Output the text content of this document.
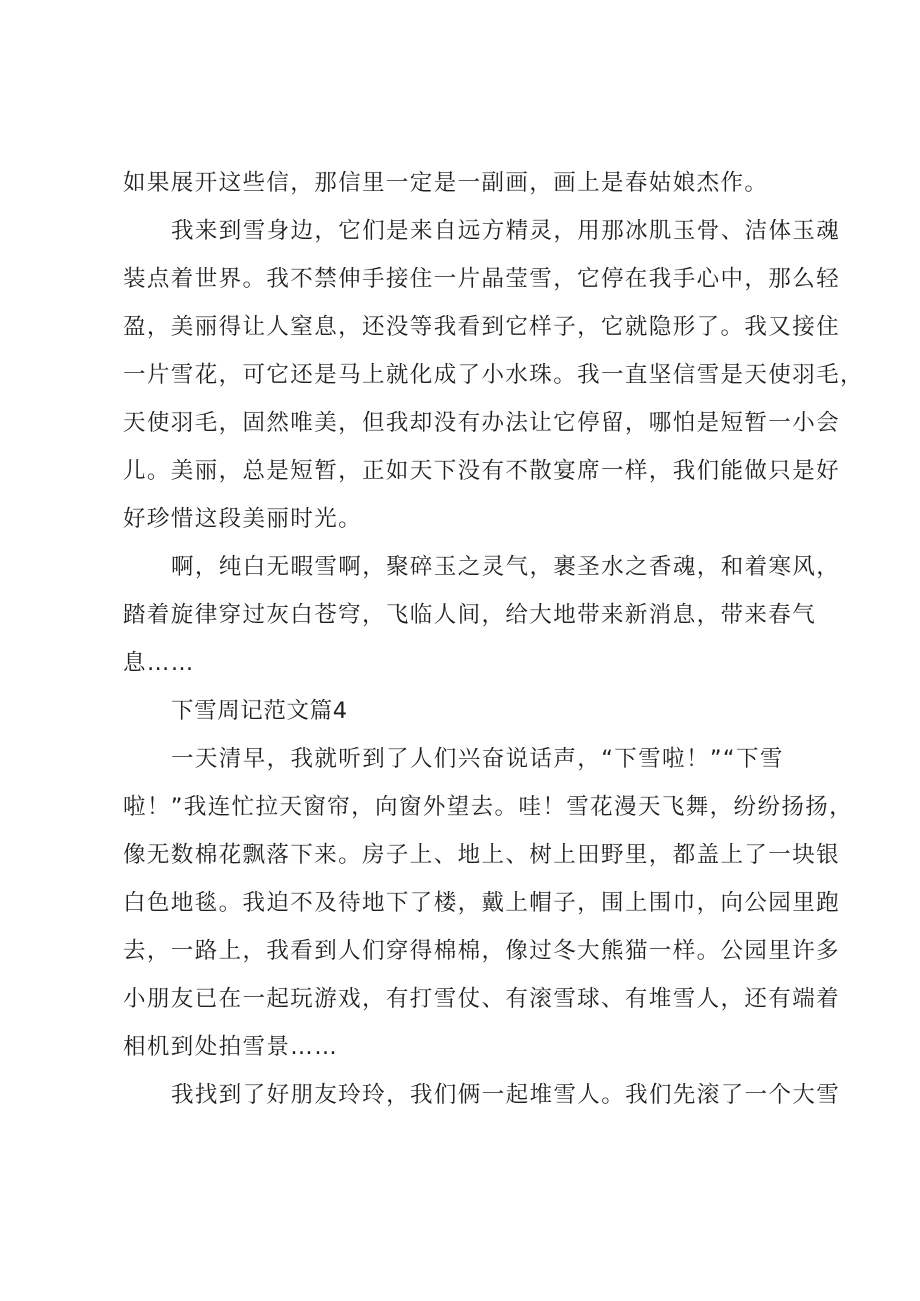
如果展开这些信，那信里一定是一副画，画上是春姑娘杰作。
我来到雪身边，它们是来自远方精灵，用那冰肌玉骨、洁体玉魂
装点着世界。我不禁伸手接住一片晶莹雪，它停在我手心中，那么轻
盈，美丽得让人窒息，还没等我看到它样子，它就隐形了。我又接住
一片雪花，可它还是马上就化成了小水珠。我一直坚信雪是天使羽毛，
天使羽毛，固然唯美，但我却没有办法让它停留，哪怕是短暂一小会
儿。美丽，总是短暂，正如天下没有不散宴席一样，我们能做只是好
好珍惜这段美丽时光。
啊，纯白无暇雪啊，聚碎玉之灵气，裹圣水之香魂，和着寒风，
踏着旋律穿过灰白苍穹，飞临人间，给大地带来新消息，带来春气
息……
下雪周记范文篇4
一天清早，我就听到了人们兴奋说话声，“下雪啦！”“下雪
啦！”我连忙拉天窗帘，向窗外望去。哇！雪花漫天飞舞，纷纷扬扬，
像无数棉花飘落下来。房子上、地上、树上田野里，都盖上了一块银
白色地毯。我迫不及待地下了楼，戴上帽子，围上围巾，向公园里跑
去，一路上，我看到人们穿得棉棉，像过冬大熊猫一样。公园里许多
小朋友已在一起玩游戏，有打雪仗、有滚雪球、有堆雪人，还有端着
相机到处拍雪景……
我找到了好朋友玲玲，我们俩一起堆雪人。我们先滚了一个大雪
